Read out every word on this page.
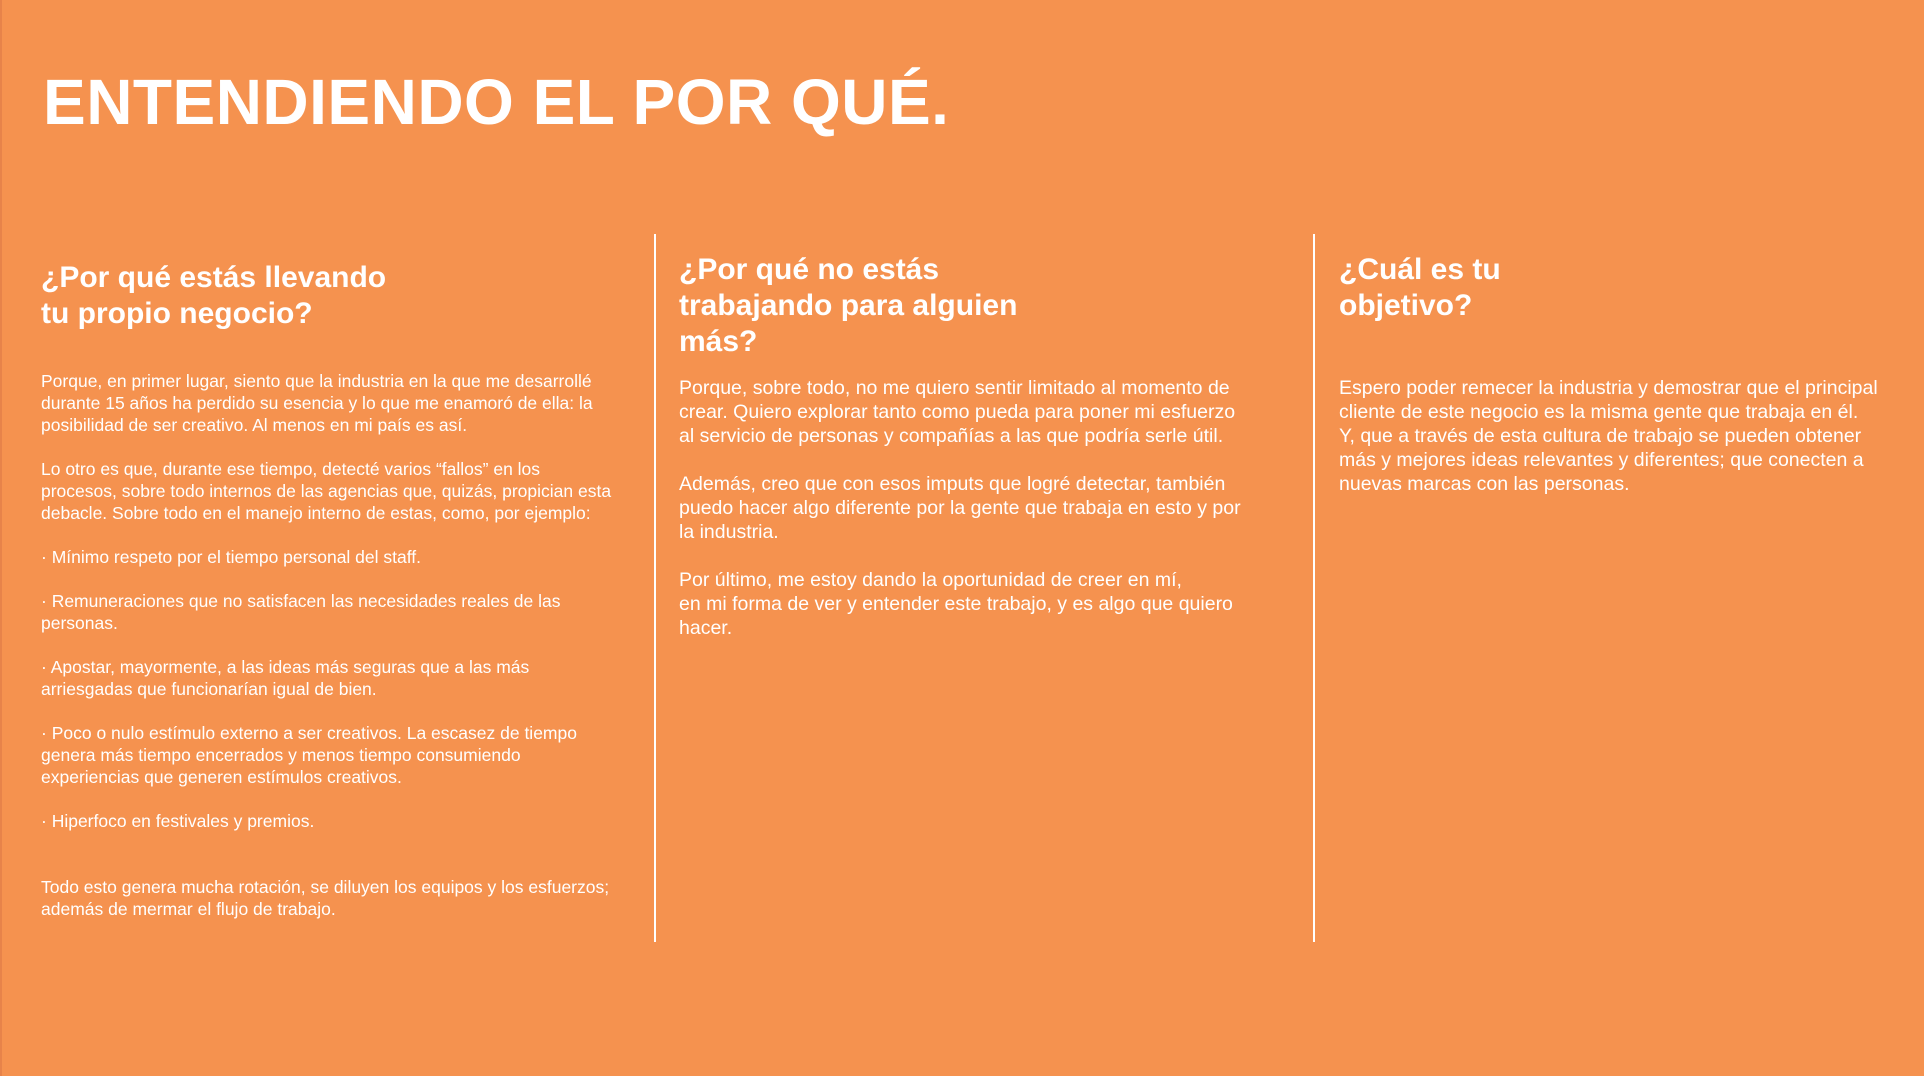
ENTENDIENDO EL POR QUÉ.
¿Por qué estás llevando
tu propio negocio?

Porque, en primer lugar, siento que la industria en la que me desarrollé
durante 15 años ha perdido su esencia y lo que me enamoró de ella: la
posibilidad de ser creativo. Al menos en mi país es así.

Lo otro es que, durante ese tiempo, detecté varios “fallos” en los
procesos, sobre todo internos de las agencias que, quizás, propician esta
debacle. Sobre todo en el manejo interno de estas, como, por ejemplo:

· Mínimo respeto por el tiempo personal del staff.

· Remuneraciones que no satisfacen las necesidades reales de las
personas.

· Apostar, mayormente, a las ideas más seguras que a las más
arriesgadas que funcionarían igual de bien.

· Poco o nulo estímulo externo a ser creativos. La escasez de tiempo
genera más tiempo encerrados y menos tiempo consumiendo
experiencias que generen estímulos creativos.

· Hiperfoco en festivales y premios.

Todo esto genera mucha rotación, se diluyen los equipos y los esfuerzos;
además de mermar el flujo de trabajo.

¿Por qué no estás
trabajando para alguien
más?

Porque, sobre todo, no me quiero sentir limitado al momento de
crear. Quiero explorar tanto como pueda para poner mi esfuerzo
al servicio de personas y compañías a las que podría serle útil.

Además, creo que con esos imputs que logré detectar, también
puedo hacer algo diferente por la gente que trabaja en esto y por
la industria.

Por último, me estoy dando la oportunidad de creer en mí,
en mi forma de ver y entender este trabajo, y es algo que quiero
hacer.

¿Cuál es tu
objetivo?

Espero poder remecer la industria y demostrar que el principal
cliente de este negocio es la misma gente que trabaja en él.
Y, que a través de esta cultura de trabajo se pueden obtener
más y mejores ideas relevantes y diferentes; que conecten a
nuevas marcas con las personas.
